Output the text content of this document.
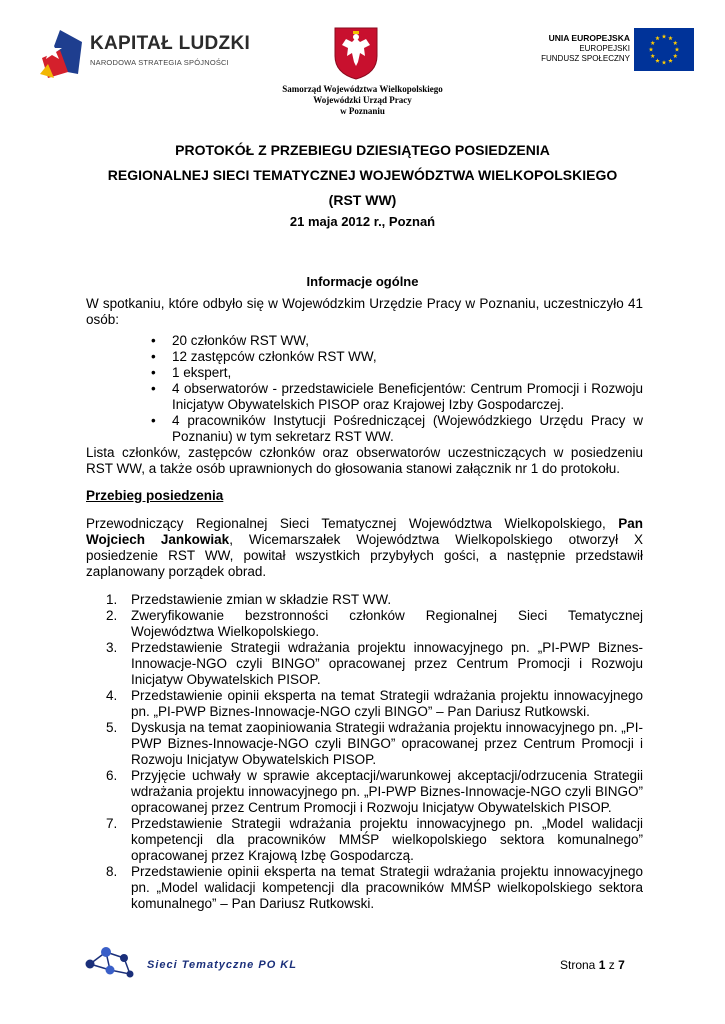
KAPITAŁ LUDZKI
NARODOWA STRATEGIA SPÓJNOŚCI
Samorząd Województwa Wielkopolskiego
Wojewódzki Urząd Pracy
w Poznaniu
UNIA EUROPEJSKA
EUROPEJSKI
FUNDUSZ SPOŁECZNY
PROTOKÓŁ Z PRZEBIEGU DZIESIĄTEGO POSIEDZENIA
REGIONALNEJ SIECI TEMATYCZNEJ WOJEWÓDZTWA WIELKOPOLSKIEGO
(RST WW)
21 maja 2012 r., Poznań
Informacje ogólne
W spotkaniu, które odbyło się w Wojewódzkim Urzędzie Pracy w Poznaniu, uczestniczyło 41 osób:
• 20 członków RST WW,
• 12 zastępców członków RST WW,
• 1 ekspert,
• 4 obserwatorów - przedstawiciele Beneficjentów: Centrum Promocji i Rozwoju Inicjatyw Obywatelskich PISOP oraz Krajowej Izby Gospodarczej.
• 4 pracowników Instytucji Pośredniczącej (Wojewódzkiego Urzędu Pracy w Poznaniu) w tym sekretarz RST WW.
Lista członków, zastępców członków oraz obserwatorów uczestniczących w posiedzeniu RST WW, a także osób uprawnionych do głosowania stanowi załącznik nr 1 do protokołu.
Przebieg posiedzenia
Przewodniczący Regionalnej Sieci Tematycznej Województwa Wielkopolskiego, Pan Wojciech Jankowiak, Wicemarszałek Województwa Wielkopolskiego otworzył X posiedzenie RST WW, powitał wszystkich przybyłych gości, a następnie przedstawił zaplanowany porządek obrad.
1. Przedstawienie zmian w składzie RST WW.
2. Zweryfikowanie bezstronności członków Regionalnej Sieci Tematycznej Województwa Wielkopolskiego.
3. Przedstawienie Strategii wdrażania projektu innowacyjnego pn. „PI-PWP Biznes-Innowacje-NGO czyli BINGO” opracowanej przez Centrum Promocji i Rozwoju Inicjatyw Obywatelskich PISOP.
4. Przedstawienie opinii eksperta na temat Strategii wdrażania projektu innowacyjnego pn. „PI-PWP Biznes-Innowacje-NGO czyli BINGO” – Pan Dariusz Rutkowski.
5. Dyskusja na temat zaopiniowania Strategii wdrażania projektu innowacyjnego pn. „PI-PWP Biznes-Innowacje-NGO czyli BINGO” opracowanej przez Centrum Promocji i Rozwoju Inicjatyw Obywatelskich PISOP.
6. Przyjęcie uchwały w sprawie akceptacji/warunkowej akceptacji/odrzucenia Strategii wdrażania projektu innowacyjnego pn. „PI-PWP Biznes-Innowacje-NGO czyli BINGO” opracowanej przez Centrum Promocji i Rozwoju Inicjatyw Obywatelskich PISOP.
7. Przedstawienie Strategii wdrażania projektu innowacyjnego pn. „Model walidacji kompetencji dla pracowników MMŚP wielkopolskiego sektora komunalnego” opracowanej przez Krajową Izbę Gospodarczą.
8. Przedstawienie opinii eksperta na temat Strategii wdrażania projektu innowacyjnego pn. „Model walidacji kompetencji dla pracowników MMŚP wielkopolskiego sektora komunalnego” – Pan Dariusz Rutkowski.
Sieci Tematyczne PO KL	Strona 1 z 7
